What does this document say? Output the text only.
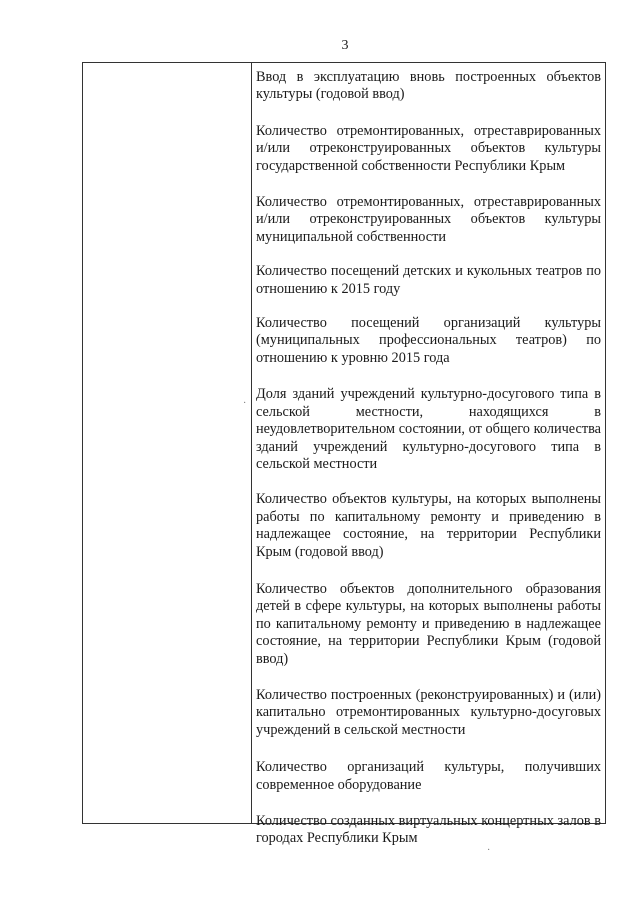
3

Ввод в эксплуатацию вновь построенных объектов культуры (годовой ввод)

Количество отремонтированных, отреставрированных и/или отреконструированных объектов культуры государственной собственности Республики Крым

Количество отремонтированных, отреставрированных и/или отреконструированных объектов культуры муниципальной собственности

Количество посещений детских и кукольных театров по отношению к 2015 году

Количество посещений организаций культуры (муниципальных профессиональных театров) по отношению к уровню 2015 года

Доля зданий учреждений культурно-досугового типа в сельской местности, находящихся в неудовлетворительном состоянии, от общего количества зданий учреждений культурно-досугового типа в сельской местности

Количество объектов культуры, на которых выполнены работы по капитальному ремонту и приведению в надлежащее состояние, на территории Республики Крым (годовой ввод)

Количество объектов дополнительного образования детей в сфере культуры, на которых выполнены работы по капитальному ремонту и приведению в надлежащее состояние, на территории Республики Крым (годовой ввод)

Количество построенных (реконструированных) и (или) капитально отремонтированных культурно-досуговых учреждений в сельской местности

Количество организаций культуры, получивших современное оборудование

Количество созданных виртуальных концертных залов в городах Республики Крым

·
·
